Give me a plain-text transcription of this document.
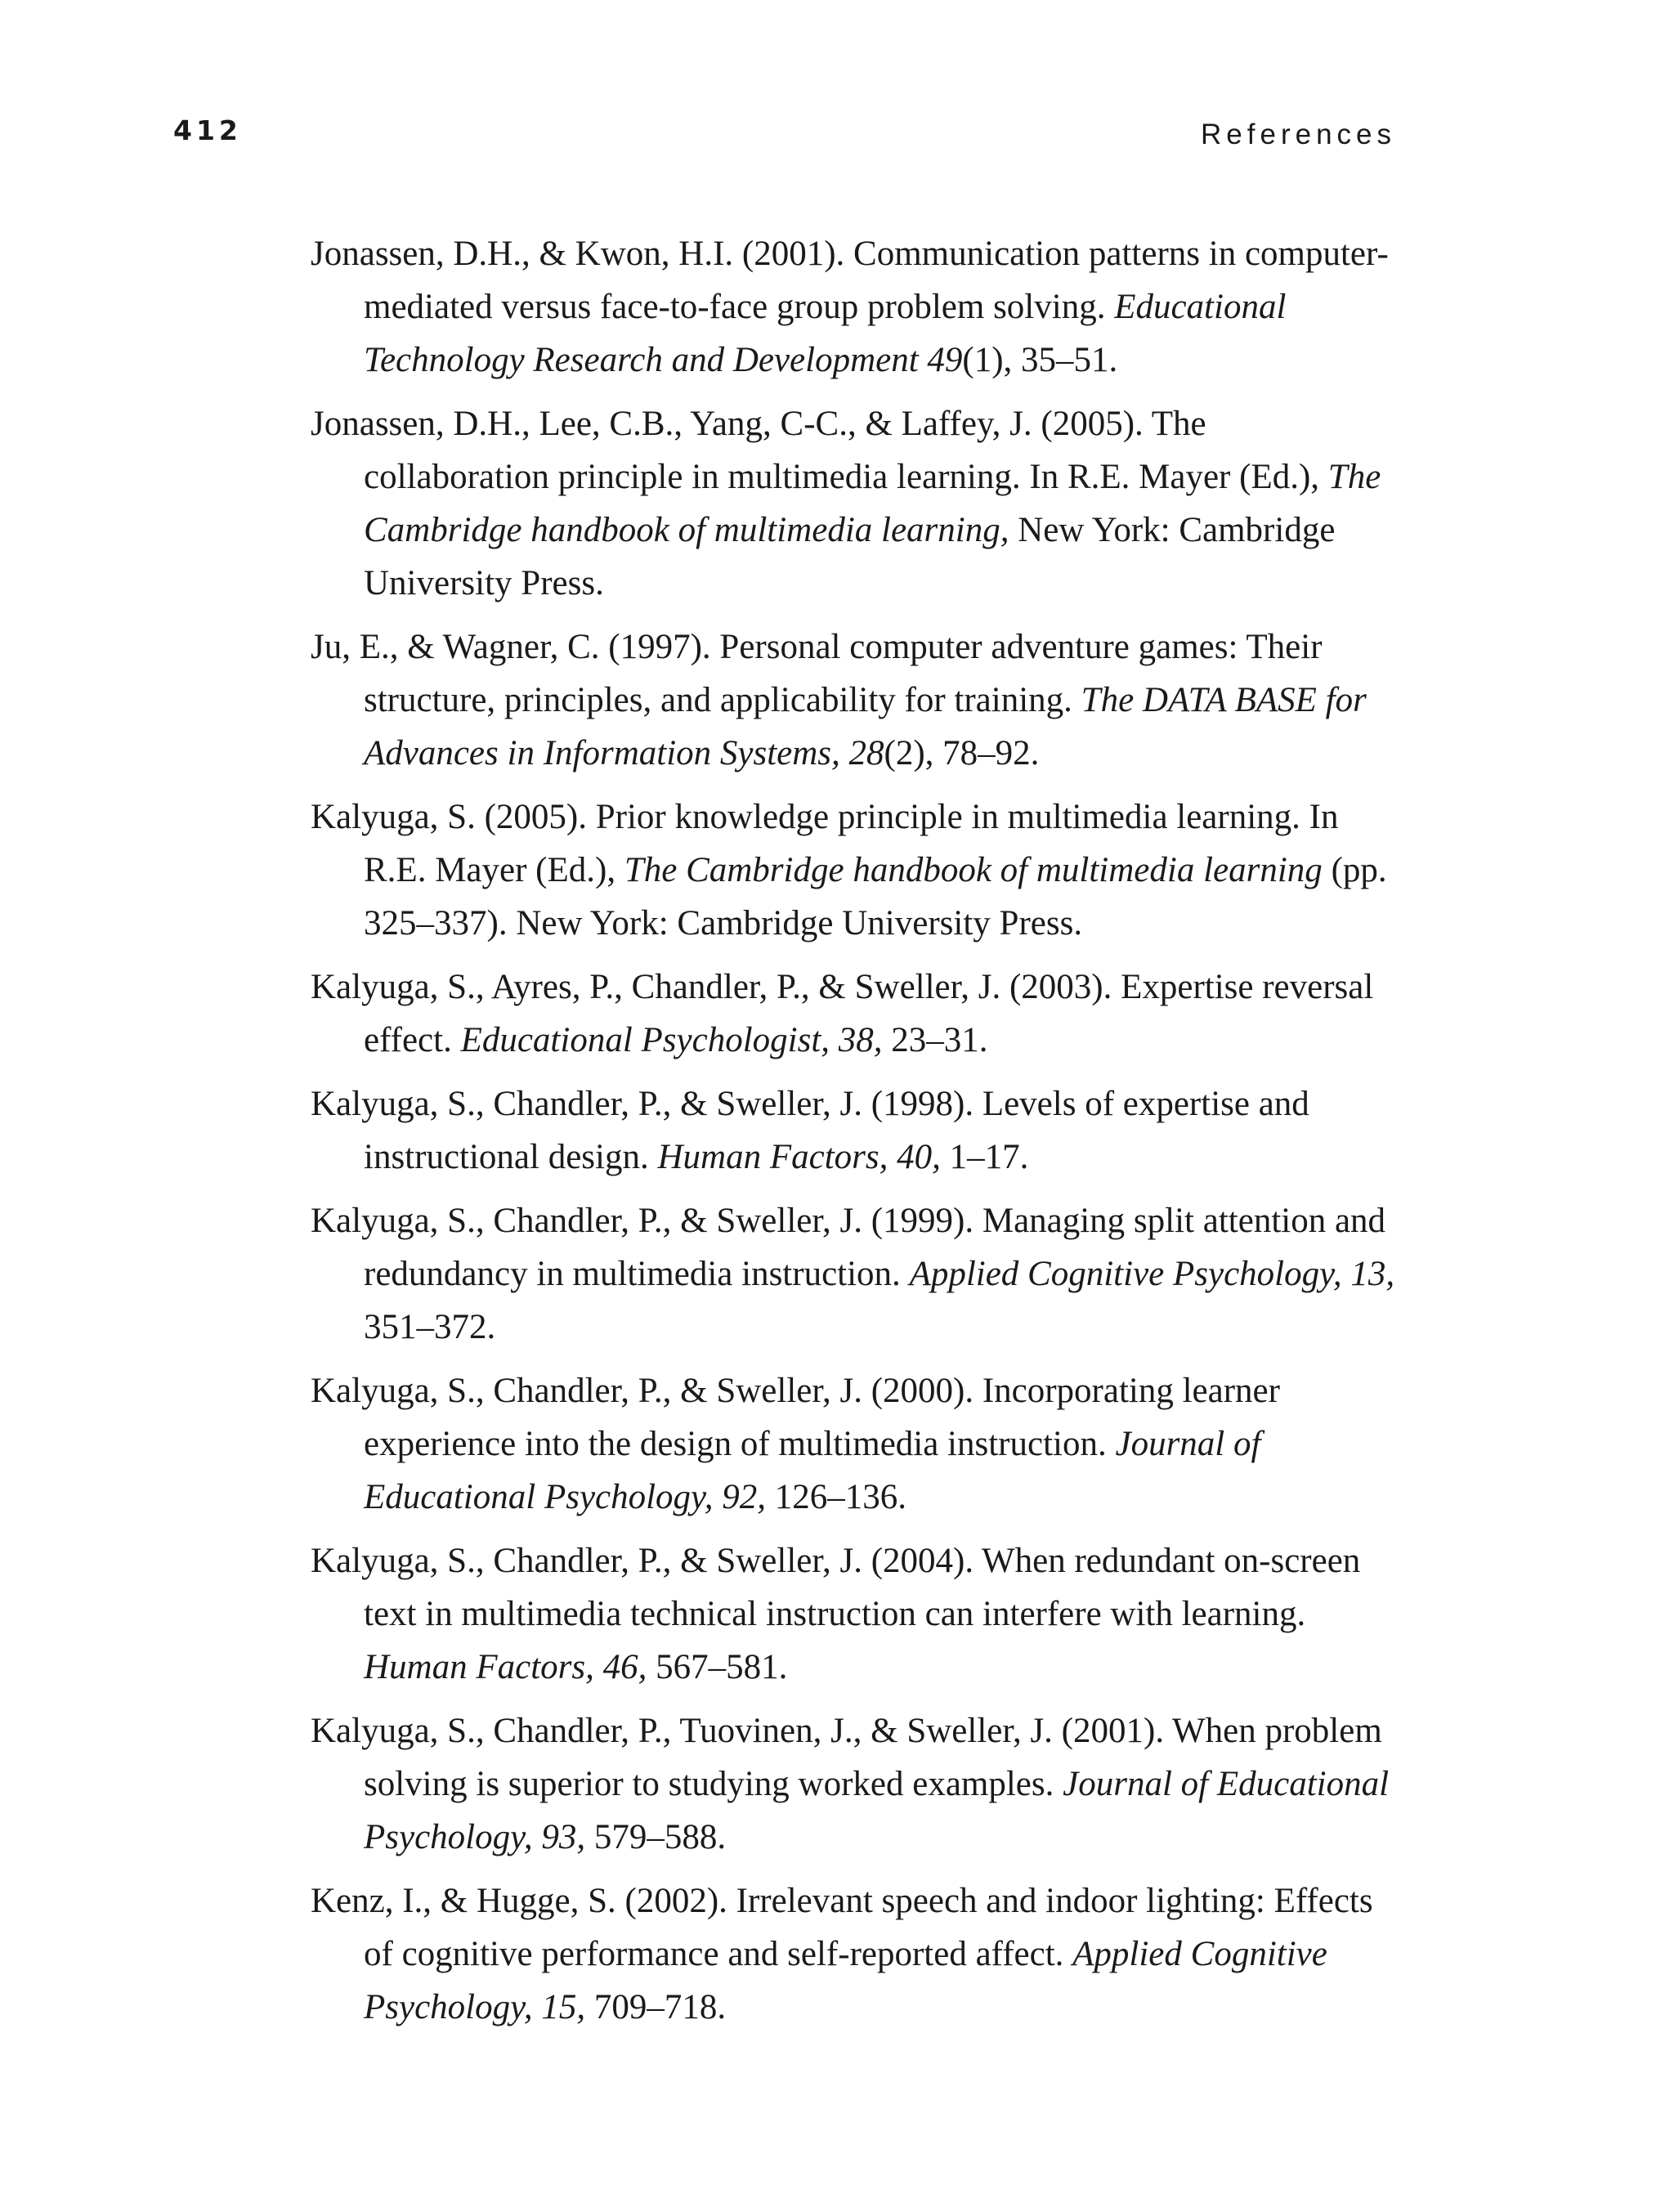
412	References

Jonassen, D.H., & Kwon, H.I. (2001). Communication patterns in computer-mediated versus face-to-face group problem solving. Educational Technology Research and Development 49(1), 35–51.
Jonassen, D.H., Lee, C.B., Yang, C-C., & Laffey, J. (2005). The collaboration principle in multimedia learning. In R.E. Mayer (Ed.), The Cambridge handbook of multimedia learning, New York: Cambridge University Press.
Ju, E., & Wagner, C. (1997). Personal computer adventure games: Their structure, principles, and applicability for training. The DATA BASE for Advances in Information Systems, 28(2), 78–92.
Kalyuga, S. (2005). Prior knowledge principle in multimedia learning. In R.E. Mayer (Ed.), The Cambridge handbook of multimedia learning (pp. 325–337). New York: Cambridge University Press.
Kalyuga, S., Ayres, P., Chandler, P., & Sweller, J. (2003). Expertise reversal effect. Educational Psychologist, 38, 23–31.
Kalyuga, S., Chandler, P., & Sweller, J. (1998). Levels of expertise and instructional design. Human Factors, 40, 1–17.
Kalyuga, S., Chandler, P., & Sweller, J. (1999). Managing split attention and redundancy in multimedia instruction. Applied Cognitive Psychology, 13, 351–372.
Kalyuga, S., Chandler, P., & Sweller, J. (2000). Incorporating learner experience into the design of multimedia instruction. Journal of Educational Psychology, 92, 126–136.
Kalyuga, S., Chandler, P., & Sweller, J. (2004). When redundant on-screen text in multimedia technical instruction can interfere with learning. Human Factors, 46, 567–581.
Kalyuga, S., Chandler, P., Tuovinen, J., & Sweller, J. (2001). When problem solving is superior to studying worked examples. Journal of Educational Psychology, 93, 579–588.
Kenz, I., & Hugge, S. (2002). Irrelevant speech and indoor lighting: Effects of cognitive performance and self-reported affect. Applied Cognitive Psychology, 15, 709–718.
